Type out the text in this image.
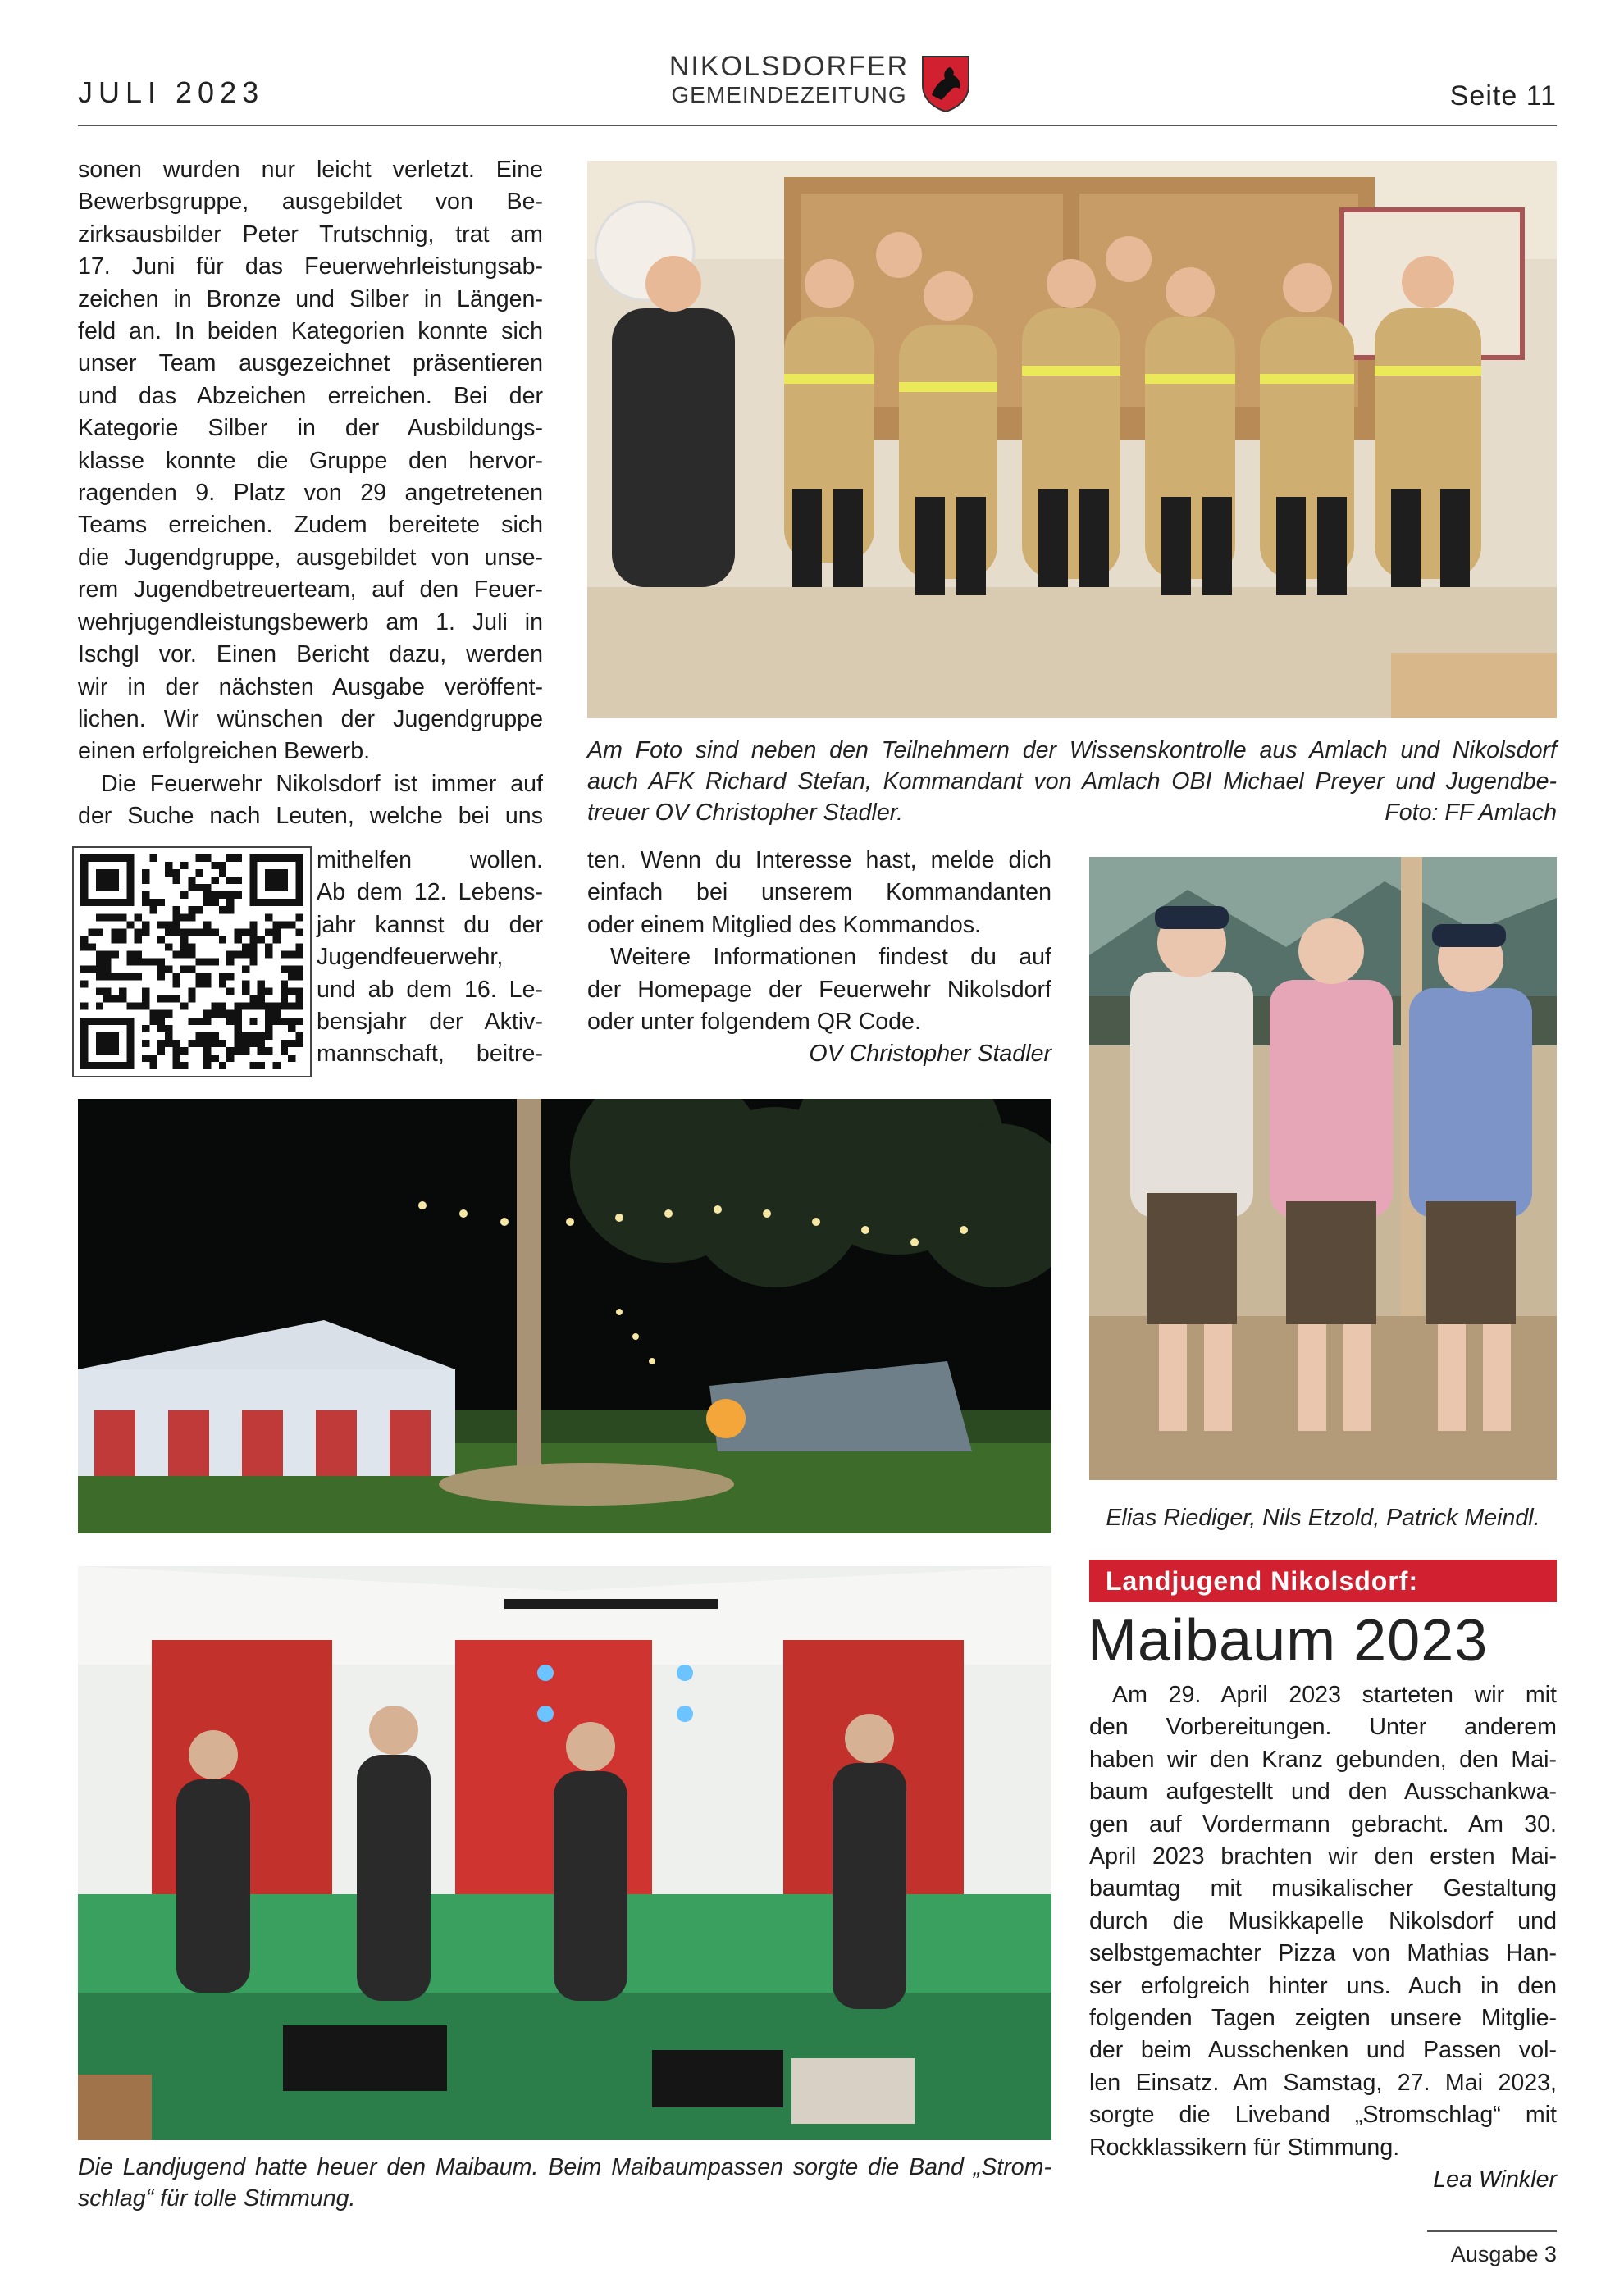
JULI 2023
NIKOLSDORFER
GEMEINDEZEITUNG	Seite 11
sonen wurden nur leicht verletzt. Eine
Bewerbsgruppe, ausgebildet von Be-
zirksausbilder Peter Trutschnig, trat am
17. Juni für das Feuerwehrleistungsab-
zeichen in Bronze und Silber in Längen-
feld an. In beiden Kategorien konnte sich
unser Team ausgezeichnet präsentieren
und das Abzeichen erreichen. Bei der
Kategorie Silber in der Ausbildungs-
klasse konnte die Gruppe den hervor-
ragenden 9. Platz von 29 angetretenen
Teams erreichen. Zudem bereitete sich
die Jugendgruppe, ausgebildet von unse-
rem Jugendbetreuerteam, auf den Feuer-
wehrjugendleistungsbewerb am 1. Juli in
Ischgl vor. Einen Bericht dazu, werden
wir in der nächsten Ausgabe veröffent-
lichen. Wir wünschen der Jugendgruppe
einen erfolgreichen Bewerb.
Die Feuerwehr Nikolsdorf ist immer auf
der Suche nach Leuten, welche bei uns
mithelfen wollen.
Ab dem 12. Lebens-
jahr kannst du der
Jugendfeuerwehr,
und ab dem 16. Le-
bensjahr der Aktiv-
mannschaft, beitre-
Am Foto sind neben den Teilnehmern der Wissenskontrolle aus Amlach und Nikolsdorf
auch AFK Richard Stefan, Kommandant von Amlach OBI Michael Preyer und Jugendbe-
treuer OV Christopher Stadler.	Foto: FF Amlach
ten. Wenn du Interesse hast, melde dich
einfach bei unserem Kommandanten
oder einem Mitglied des Kommandos.
Weitere Informationen findest du auf
der Homepage der Feuerwehr Nikolsdorf
oder unter folgendem QR Code.
OV Christopher Stadler
Elias Riediger, Nils Etzold, Patrick Meindl.
Die Landjugend hatte heuer den Maibaum. Beim Maibaumpassen sorgte die Band „Strom-
schlag“ für tolle Stimmung.
Landjugend Nikolsdorf:
Maibaum 2023
Am 29. April 2023 starteten wir mit
den Vorbereitungen. Unter anderem
haben wir den Kranz gebunden, den Mai-
baum aufgestellt und den Ausschankwa-
gen auf Vordermann gebracht. Am 30.
April 2023 brachten wir den ersten Mai-
baumtag mit musikalischer Gestaltung
durch die Musikkapelle Nikolsdorf und
selbstgemachter Pizza von Mathias Han-
ser erfolgreich hinter uns. Auch in den
folgenden Tagen zeigten unsere Mitglie-
der beim Ausschenken und Passen vol-
len Einsatz. Am Samstag, 27. Mai 2023,
sorgte die Liveband „Stromschlag“ mit
Rockklassikern für Stimmung.
Lea Winkler
Ausgabe 3
